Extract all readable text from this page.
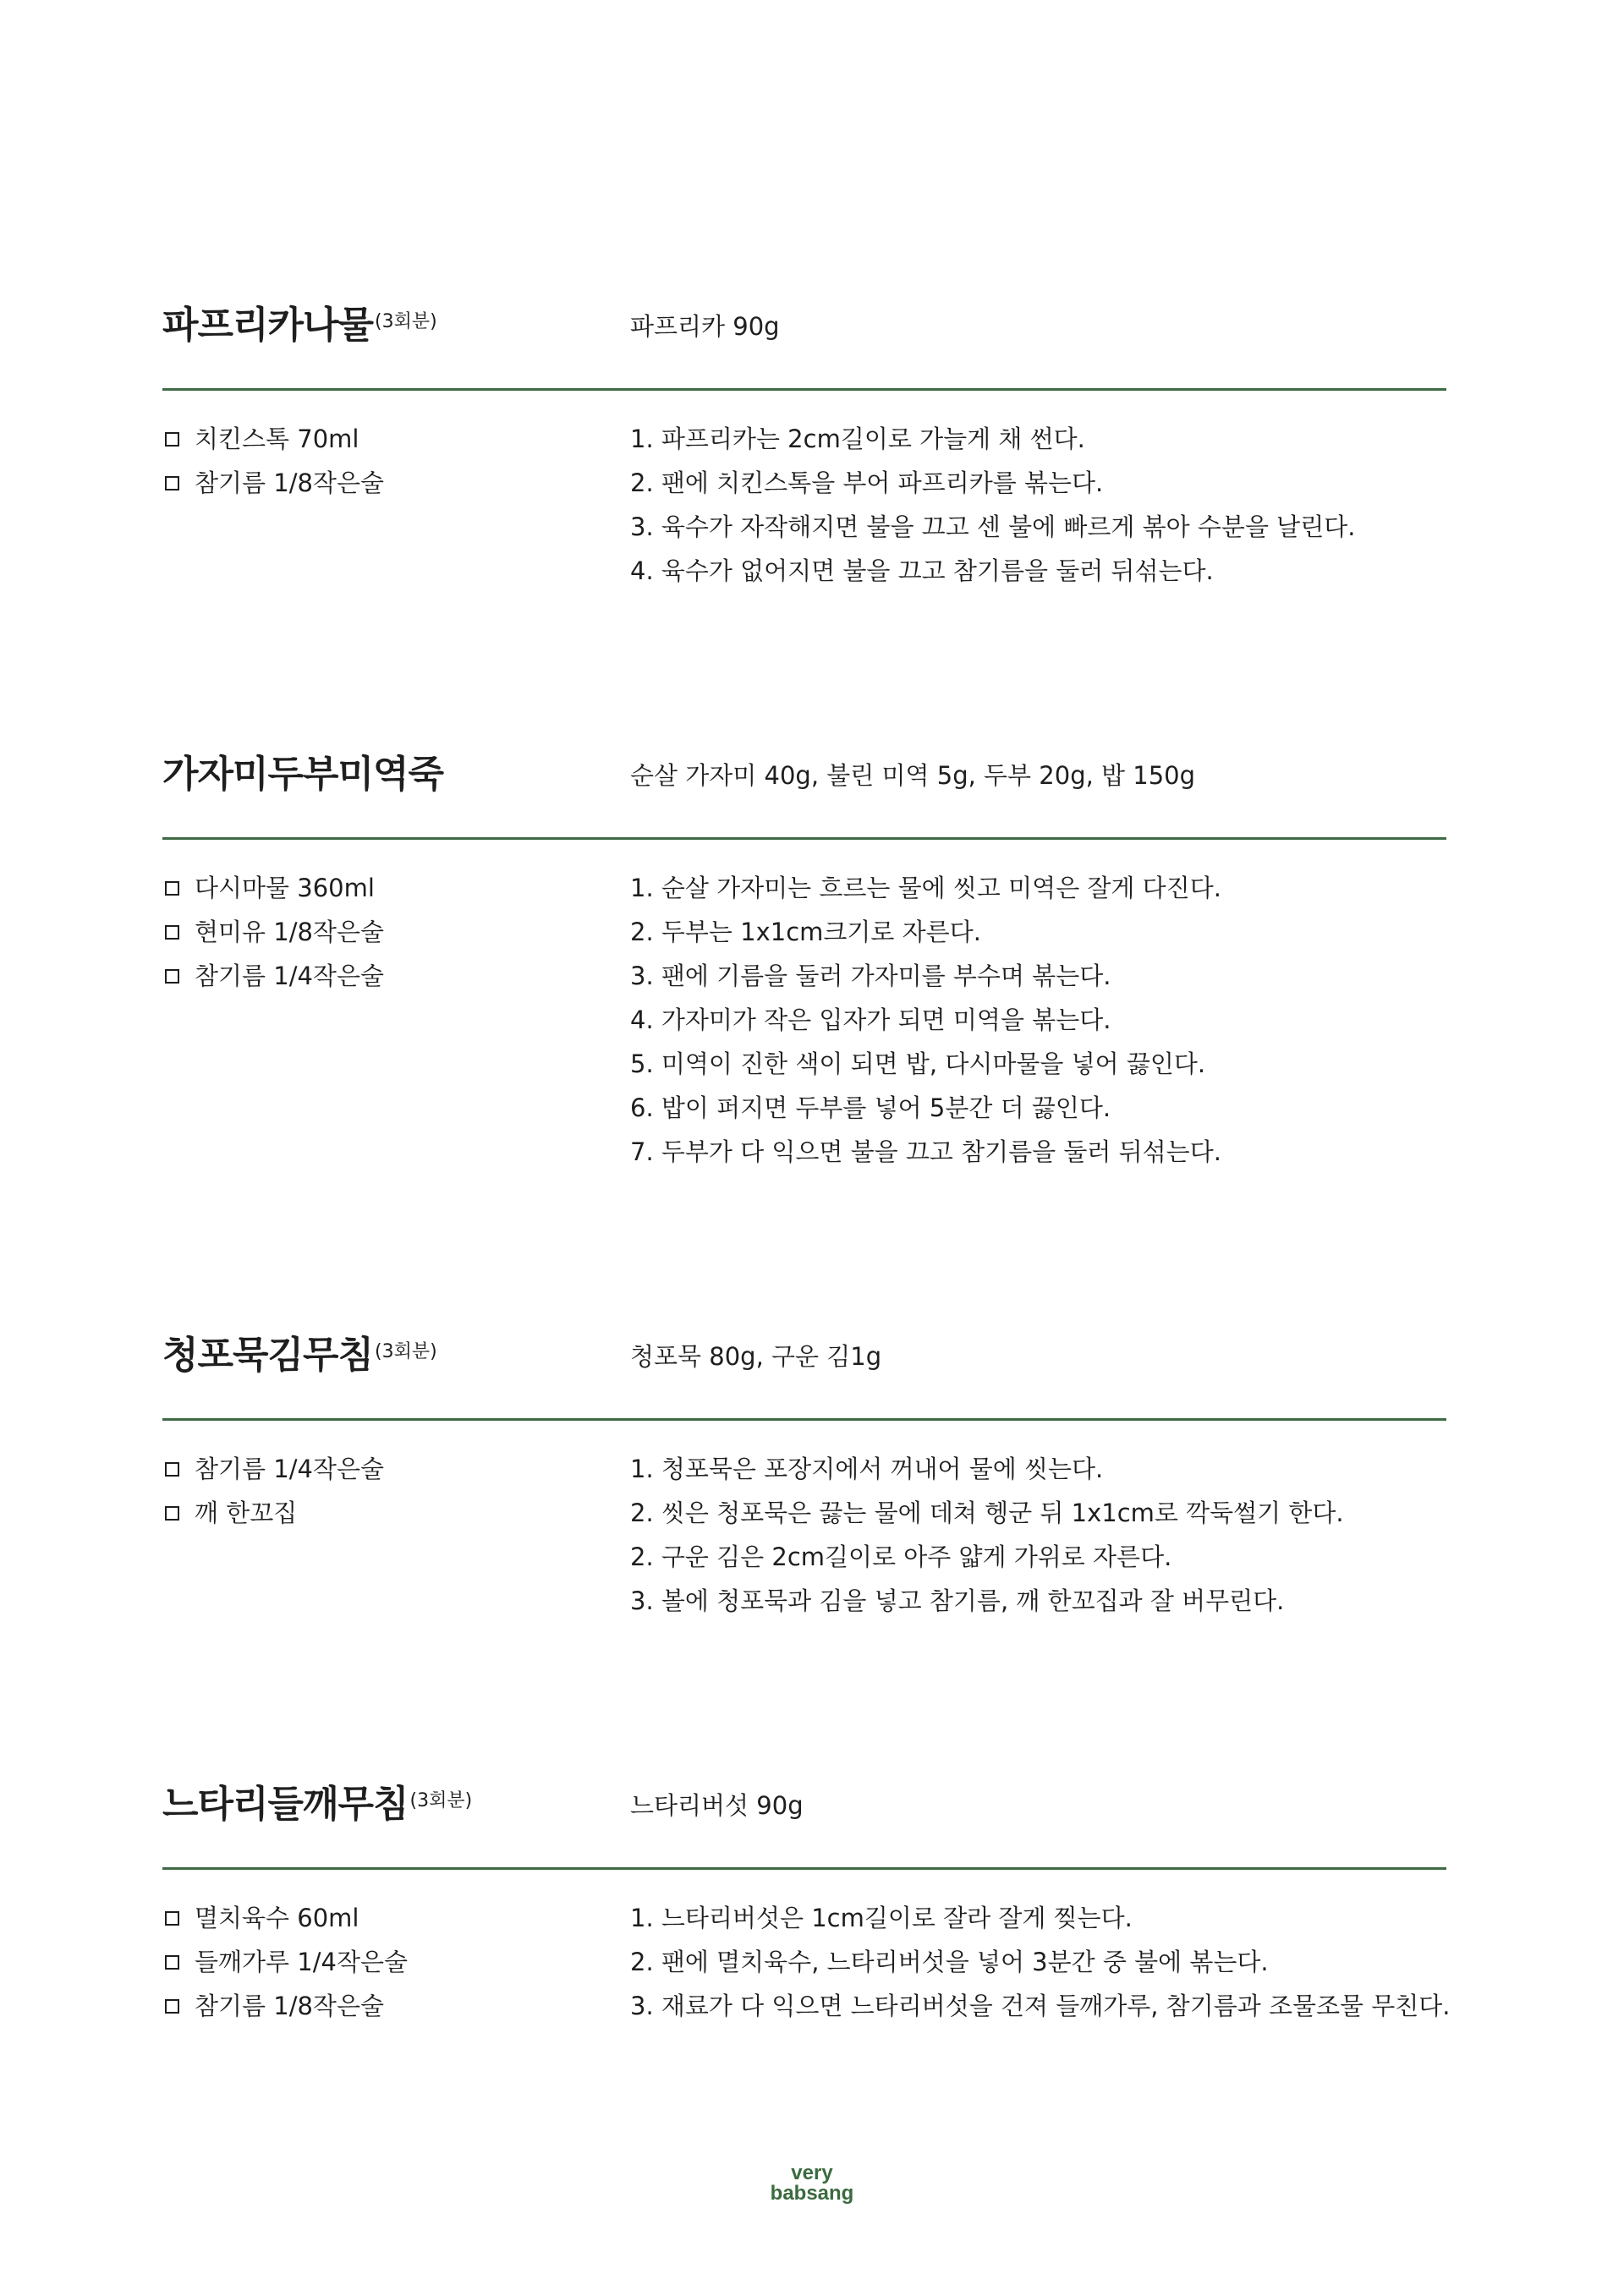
파프리카나물$^{(3회분)}$	파프리카 90g
치킨스톡 70ml
참기름 1/8작은술
1. 파프리카는 2cm길이로 가늘게 채 썬다.
2. 팬에 치킨스톡을 부어 파프리카를 볶는다.
3. 육수가 자작해지면 불을 끄고 센 불에 빠르게 볶아 수분을 날린다.
4. 육수가 없어지면 불을 끄고 참기름을 둘러 뒤섞는다.
가자미두부미역죽	순살 가자미 40g, 불린 미역 5g, 두부 20g, 밥 150g
다시마물 360ml
현미유 1/8작은술
참기름 1/4작은술
1. 순살 가자미는 흐르는 물에 씻고 미역은 잘게 다진다.
2. 두부는 1x1cm크기로 자른다.
3. 팬에 기름을 둘러 가자미를 부수며 볶는다.
4. 가자미가 작은 입자가 되면 미역을 볶는다.
5. 미역이 진한 색이 되면 밥, 다시마물을 넣어 끓인다.
6. 밥이 퍼지면 두부를 넣어 5분간 더 끓인다.
7. 두부가 다 익으면 불을 끄고 참기름을 둘러 뒤섞는다.
청포묵김무침$^{(3회분)}$	청포묵 80g, 구운 김1g
참기름 1/4작은술
깨 한꼬집
1. 청포묵은 포장지에서 꺼내어 물에 씻는다.
2. 씻은 청포묵은 끓는 물에 데쳐 헹군 뒤 1x1cm로 깍둑썰기 한다.
2. 구운 김은 2cm길이로 아주 얇게 가위로 자른다.
3. 볼에 청포묵과 김을 넣고 참기름, 깨 한꼬집과 잘 버무린다.
느타리들깨무침$^{(3회분)}$	느타리버섯 90g
멸치육수 60ml
들깨가루 1/4작은술
참기름 1/8작은술
1. 느타리버섯은 1cm길이로 잘라 잘게 찢는다.
2. 팬에 멸치육수, 느타리버섯을 넣어 3분간 중 불에 볶는다.
3. 재료가 다 익으면 느타리버섯을 건져 들깨가루, 참기름과 조물조물 무친다.
very
babsang
